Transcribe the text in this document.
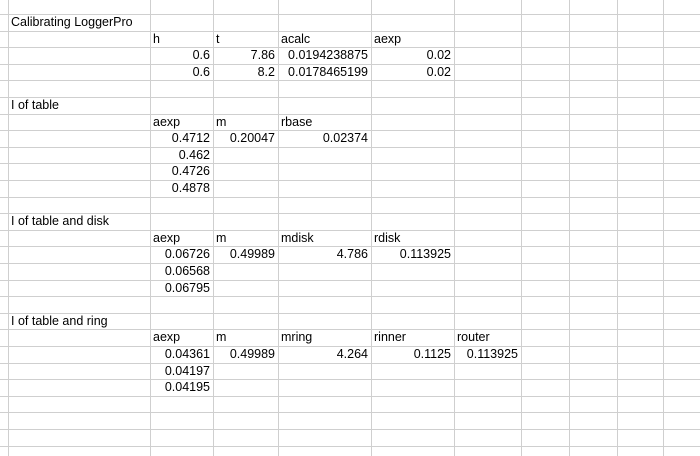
Calibrating LoggerPro
h	t	acalc	aexp
0.6	7.86	0.0194238875	0.02
0.6	8.2	0.0178465199	0.02
I of table
aexp	m	rbase
0.4712	0.20047	0.02374
0.462
0.4726
0.4878
I of table and disk
aexp	m	mdisk	rdisk
0.06726	0.49989	4.786	0.113925
0.06568
0.06795
I of table and ring
aexp	m	mring	rinner	router
0.04361	0.49989	4.264	0.1125	0.113925
0.04197
0.04195
